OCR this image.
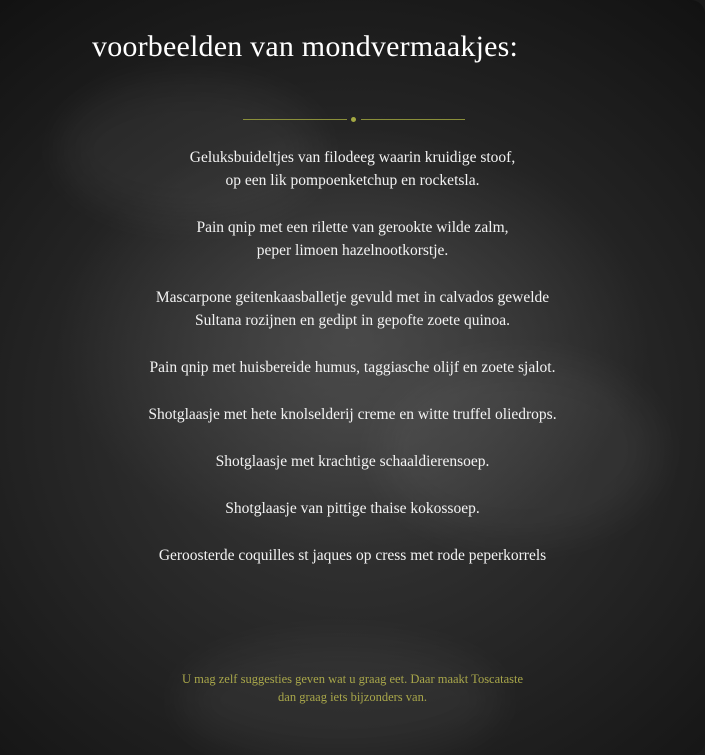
voorbeelden van mondvermaakjes:

Geluksbuideltjes van filodeeg waarin kruidige stoof,
op een lik pompoenketchup en rocketsla.

Pain qnip met een rilette van gerookte wilde zalm,
peper limoen hazelnootkorstje.

Mascarpone geitenkaasballetje gevuld met in calvados gewelde
Sultana rozijnen en gedipt in gepofte zoete quinoa.

Pain qnip met huisbereide humus, taggiasche olijf en zoete sjalot.

Shotglaasje met hete knolselderij creme en witte truffel oliedrops.

Shotglaasje met krachtige schaaldierensoep.

Shotglaasje van pittige thaise kokossoep.

Geroosterde coquilles st jaques op cress met rode peperkorrels

U mag zelf suggesties geven wat u graag eet. Daar maakt Toscataste
dan graag iets bijzonders van.
